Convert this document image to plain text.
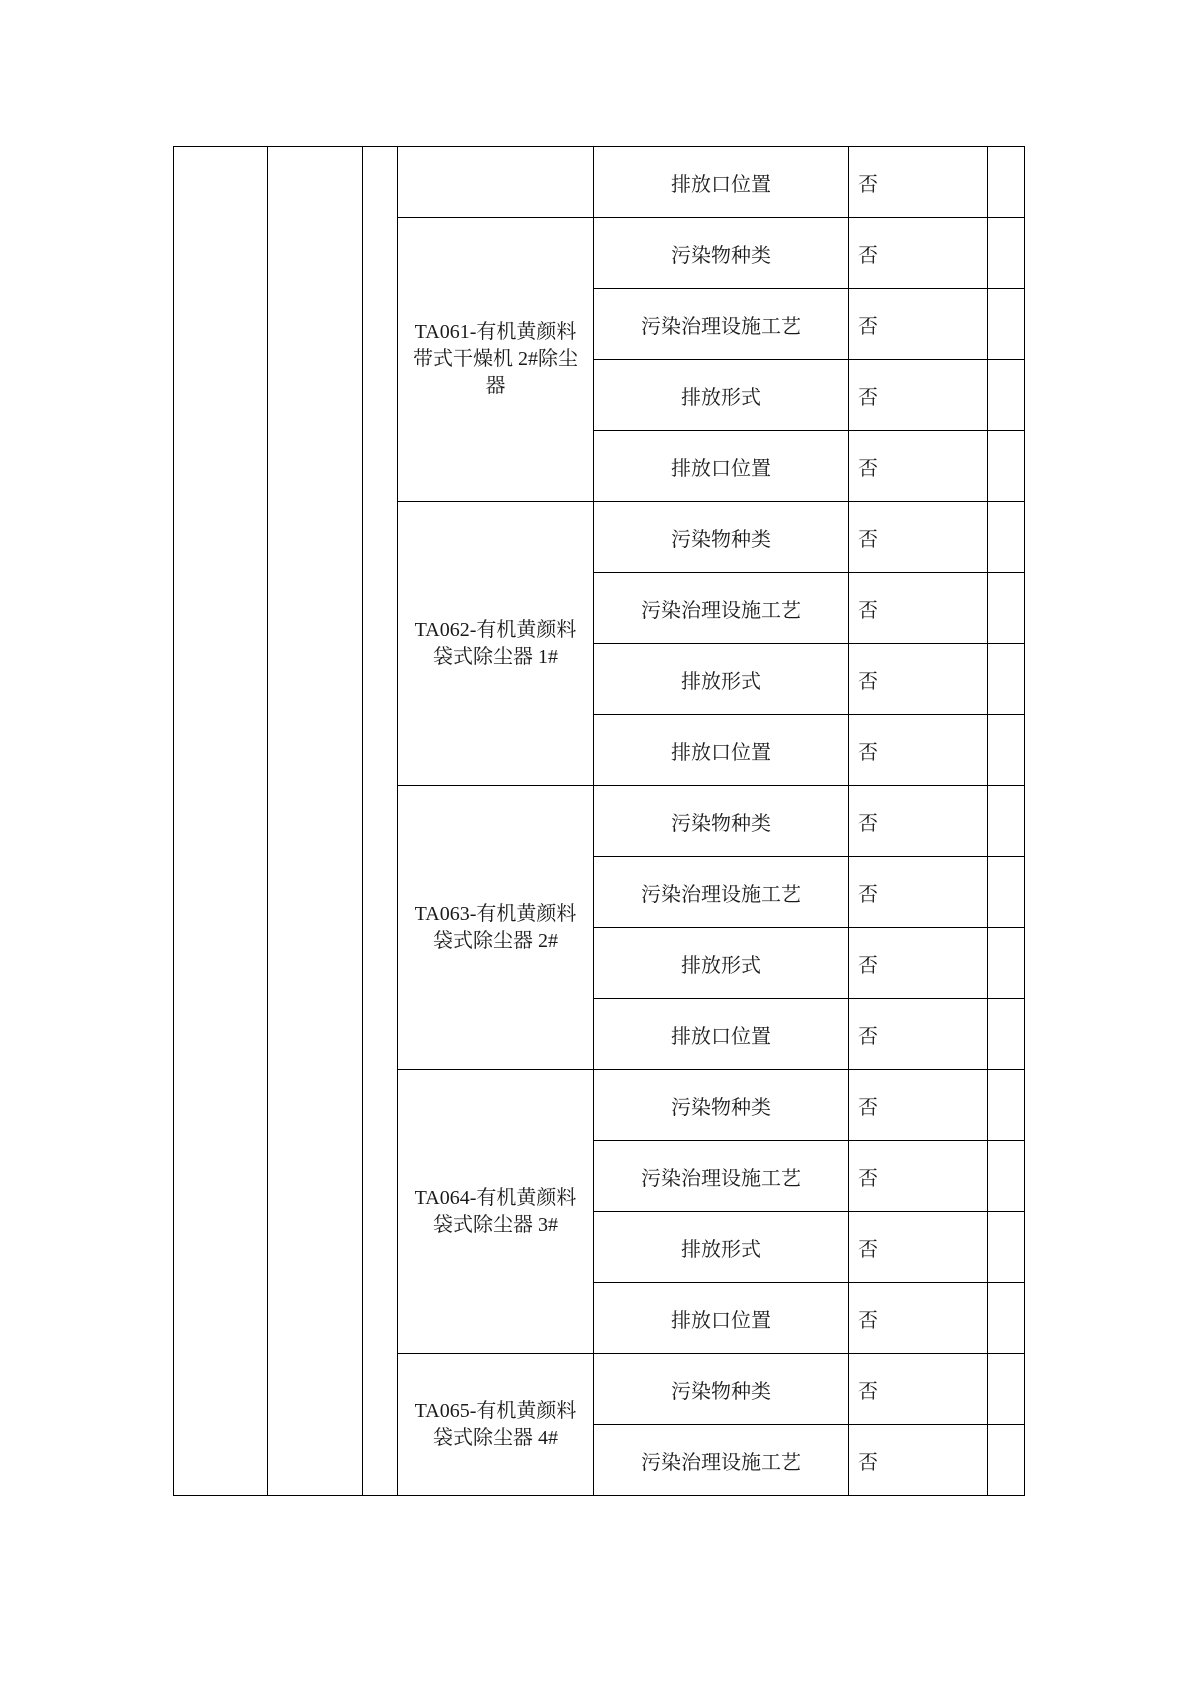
				排放口位置	否	
			TA061-有机黄颜料带式干燥机 2#除尘器	污染物种类	否	
				污染治理设施工艺	否	
				排放形式	否	
				排放口位置	否	
			TA062-有机黄颜料袋式除尘器 1#	污染物种类	否	
				污染治理设施工艺	否	
				排放形式	否	
				排放口位置	否	
			TA063-有机黄颜料袋式除尘器 2#	污染物种类	否	
				污染治理设施工艺	否	
				排放形式	否	
				排放口位置	否	
			TA064-有机黄颜料袋式除尘器 3#	污染物种类	否	
				污染治理设施工艺	否	
				排放形式	否	
				排放口位置	否	
			TA065-有机黄颜料袋式除尘器 4#	污染物种类	否	
				污染治理设施工艺	否	
